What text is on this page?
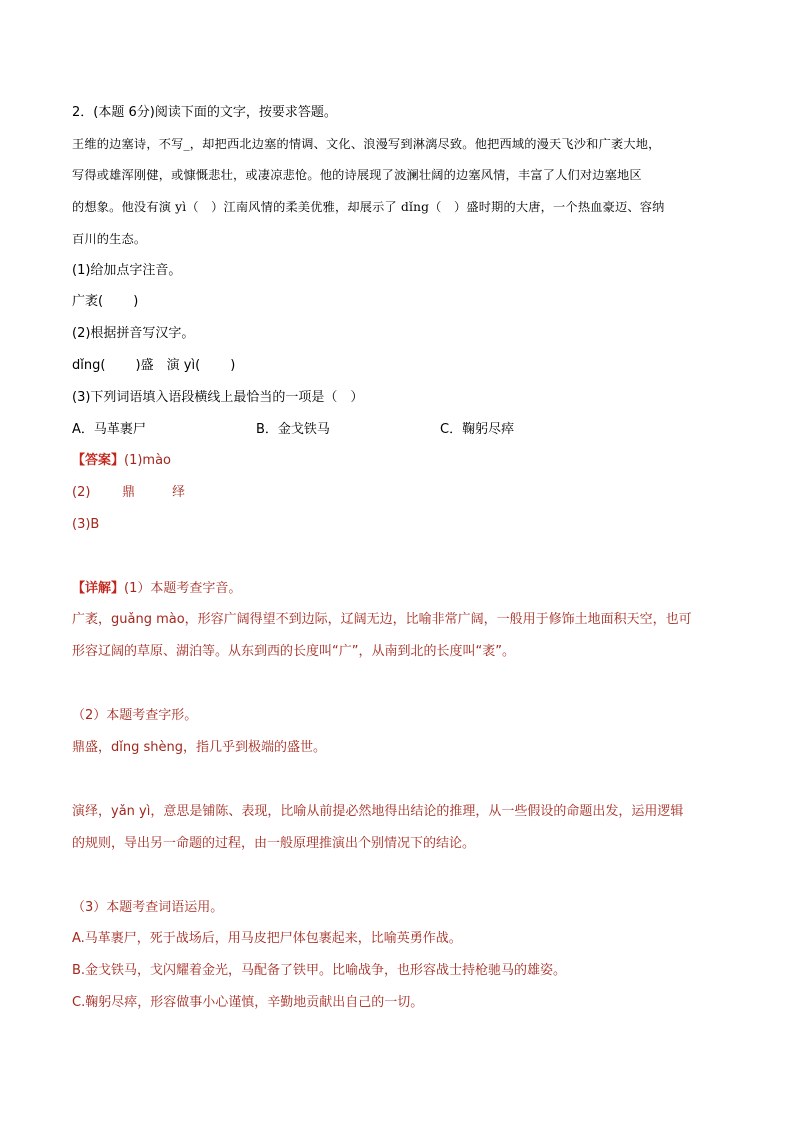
2．(本题 6分)阅读下面的文字，按要求答题。
王维的边塞诗，不写_，却把西北边塞的情调、文化、浪漫写到淋漓尽致。他把西域的漫天飞沙和广袤大地，
写得或雄浑刚健，或慷慨悲壮，或凄凉悲怆。他的诗展现了波澜壮阔的边塞风情，丰富了人们对边塞地区
的想象。他没有演 yì（　）江南风情的柔美优雅，却展示了 dǐng（　）盛时期的大唐，一个热血豪迈、容纳
百川的生态。
(1)给加点字注音。
广袤(　　 )
(2)根据拼音写汉字。
dǐng(　　 )盛　演 yì(　　 )
(3)下列词语填入语段横线上最恰当的一项是（　）
A．马革裹尸	B．金戈铁马	C．鞠躬尽瘁
【答案】(1)mào
(2) 鼎	绎
(3)B
【详解】(1）本题考查字音。
广袤，guǎng mào，形容广阔得望不到边际，辽阔无边，比喻非常广阔，一般用于修饰土地面积天空，也可
形容辽阔的草原、湖泊等。从东到西的长度叫“广”，从南到北的长度叫“袤”。
（2）本题考查字形。
鼎盛，dǐng shèng，指几乎到极端的盛世。
演绎，yǎn yì，意思是铺陈、表现，比喻从前提必然地得出结论的推理，从一些假设的命题出发，运用逻辑
的规则，导出另一命题的过程，由一般原理推演出个别情况下的结论。
（3）本题考查词语运用。
A.马革裹尸，死于战场后，用马皮把尸体包裹起来，比喻英勇作战。
B.金戈铁马，戈闪耀着金光，马配备了铁甲。比喻战争，也形容战士持枪驰马的雄姿。
C.鞠躬尽瘁，形容做事小心谨慎，辛勤地贡献出自己的一切。
